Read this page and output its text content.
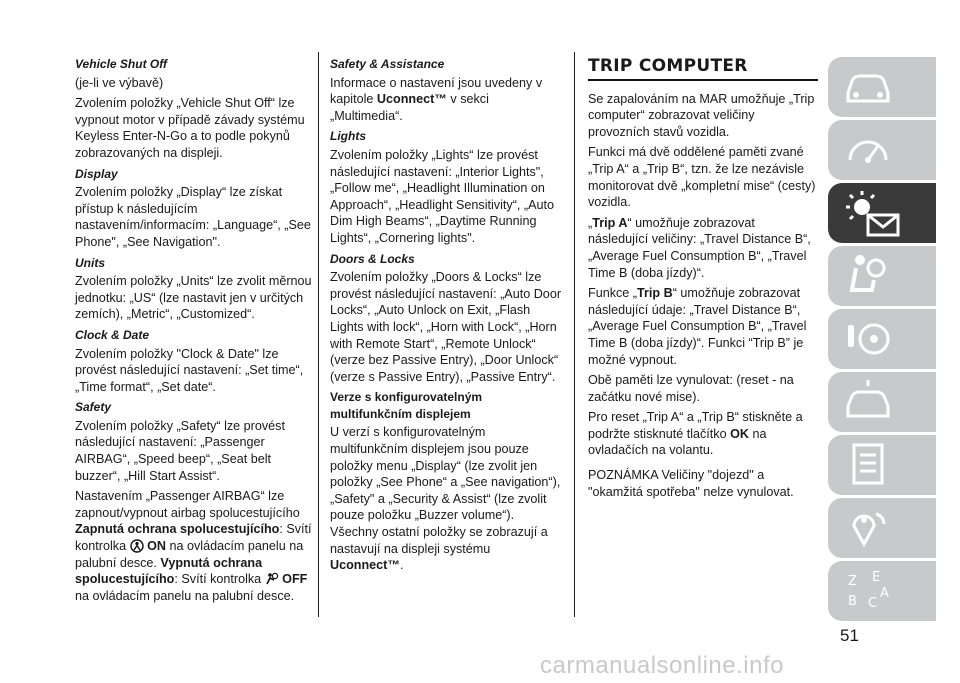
Vehicle Shut Off

(je-li ve výbavě)

Zvolením položky „Vehicle Shut Off“ lze vypnout motor v případě závady systému Keyless Enter-N-Go a to podle pokynů zobrazovaných na displeji.

Display

Zvolením položky „Display“ lze získat přístup k následujícím nastavením/informacím: „Language“, „See Phone", „See Navigation".

Units

Zvolením položky „Units“ lze zvolit měrnou jednotku: „US“ (lze nastavit jen v určitých zemích), „Metric“, „Customized“.

Clock & Date

Zvolením položky "Clock & Date" lze provést následující nastavení: „Set time“, „Time format“, „Set date“.

Safety

Zvolením položky „Safety“ lze provést následující nastavení: „Passenger AIRBAG“, „Speed beep“, „Seat belt buzzer“, „Hill Start Assist“.

Nastavením „Passenger AIRBAG“ lze zapnout/vypnout airbag spolucestujícího Zapnutá ochrana spolucestujícího: Svítí kontrolka ON na ovládacím panelu na palubní desce. Vypnutá ochrana spolucestujícího: Svítí kontrolka OFF na ovládacím panelu na palubní desce.

Safety & Assistance

Informace o nastavení jsou uvedeny v kapitole Uconnect™ v sekci „Multimedia“.

Lights

Zvolením položky „Lights“ lze provést následující nastavení: „Interior Lights", „Follow me“, „Headlight Illumination on Approach“, „Headlight Sensitivity“, „Auto Dim High Beams“, „Daytime Running Lights“, „Cornering lights".

Doors & Locks

Zvolením položky „Doors & Locks“ lze provést následující nastavení: „Auto Door Locks“, „Auto Unlock on Exit, „Flash Lights with lock“, „Horn with Lock“, „Horn with Remote Start“, „Remote Unlock“ (verze bez Passive Entry), „Door Unlock“ (verze s Passive Entry), „Passive Entry“.

Verze s konfigurovatelným multifunkčním displejem

U verzí s konfigurovatelným multifunkčním displejem jsou pouze položky menu „Display“ (lze zvolit jen položky „See Phone“ a „See navigation“), „Safety" a „Security & Assist“ (lze zvolit pouze položku „Buzzer volume“). Všechny ostatní položky se zobrazují a nastavují na displeji systému Uconnect™.

TRIP COMPUTER

Se zapalováním na MAR umožňuje „Trip computer“ zobrazovat veličiny provozních stavů vozidla.

Funkci má dvě oddělené paměti zvané „Trip A“ a „Trip B“, tzn. že lze nezávisle monitorovat dvě „kompletní mise“ (cesty) vozidla.

„Trip A“ umožňuje zobrazovat následující veličiny: „Travel Distance B“, „Average Fuel Consumption B“, „Travel Time B (doba jízdy)“.

Funkce „Trip B“ umožňuje zobrazovat následující údaje: „Travel Distance B“, „Average Fuel Consumption B“, „Travel Time B (doba jízdy)“. Funkci “Trip B” je možné vypnout.

Obě paměti lze vynulovat: (reset - na začátku nové mise).

Pro reset „Trip A“ a „Trip B“ stiskněte a podržte stisknuté tlačítko OK na ovladačích na volantu.

POZNÁMKA Veličiny "dojezd" a "okamžitá spotřeba" nelze vynulovat.

Z E
B C
A
51
carmanualsonline.info
